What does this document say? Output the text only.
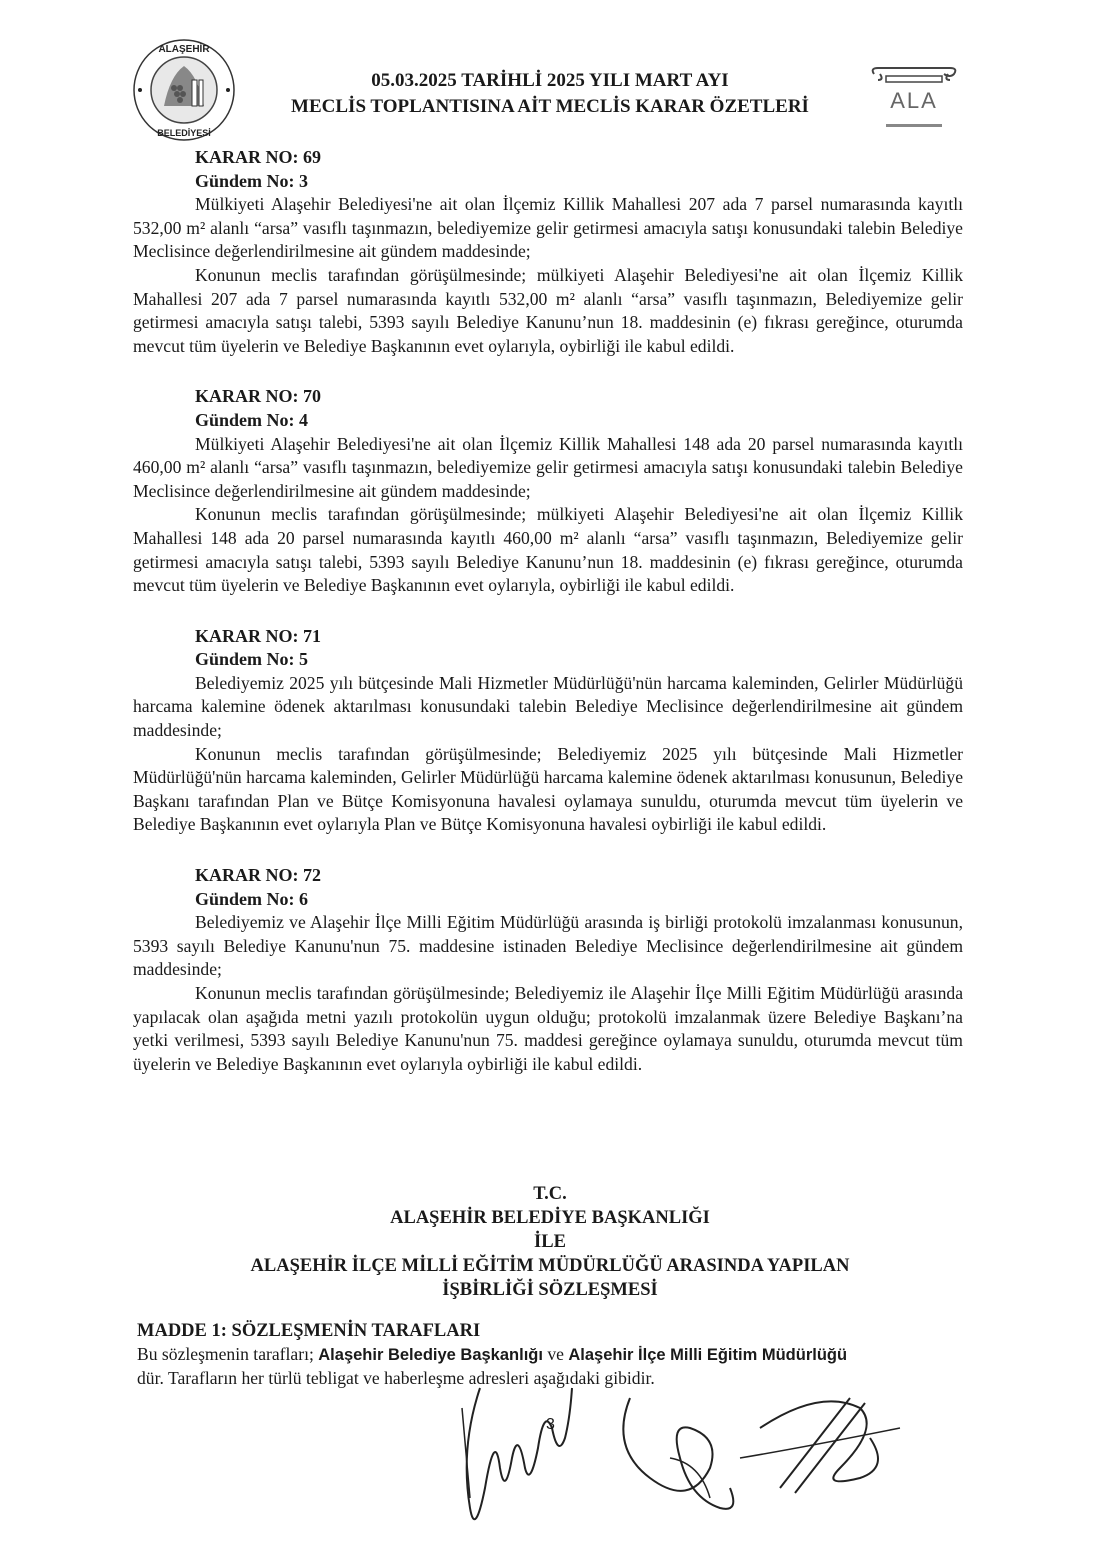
ALAŞEHİR
BELEDİYESİ
05.03.2025 TARİHLİ 2025 YILI MART AYI
MECLİS TOPLANTISINA AİT MECLİS KARAR ÖZETLERİ	ALA
KARAR NO: 69
Gündem No: 3

Mülkiyeti Alaşehir Belediyesi'ne ait olan İlçemiz Killik Mahallesi 207 ada 7 parsel numarasında kayıtlı 532,00 m² alanlı “arsa” vasıflı taşınmazın, belediyemize gelir getirmesi amacıyla satışı konusundaki talebin Belediye Meclisince değerlendirilmesine ait gündem maddesinde;

Konunun meclis tarafından görüşülmesinde; mülkiyeti Alaşehir Belediyesi'ne ait olan İlçemiz Killik Mahallesi 207 ada 7 parsel numarasında kayıtlı 532,00 m² alanlı “arsa” vasıflı taşınmazın, Belediyemize gelir getirmesi amacıyla satışı talebi, 5393 sayılı Belediye Kanunu’nun 18. maddesinin (e) fıkrası gereğince, oturumda mevcut tüm üyelerin ve Belediye Başkanının evet oylarıyla, oybirliği ile kabul edildi.

KARAR NO: 70
Gündem No: 4

Mülkiyeti Alaşehir Belediyesi'ne ait olan İlçemiz Killik Mahallesi 148 ada 20 parsel numarasında kayıtlı 460,00 m² alanlı “arsa” vasıflı taşınmazın, belediyemize gelir getirmesi amacıyla satışı konusundaki talebin Belediye Meclisince değerlendirilmesine ait gündem maddesinde;

Konunun meclis tarafından görüşülmesinde; mülkiyeti Alaşehir Belediyesi'ne ait olan İlçemiz Killik Mahallesi 148 ada 20 parsel numarasında kayıtlı 460,00 m² alanlı “arsa” vasıflı taşınmazın, Belediyemize gelir getirmesi amacıyla satışı talebi, 5393 sayılı Belediye Kanunu’nun 18. maddesinin (e) fıkrası gereğince, oturumda mevcut tüm üyelerin ve Belediye Başkanının evet oylarıyla, oybirliği ile kabul edildi.

KARAR NO: 71
Gündem No: 5

Belediyemiz 2025 yılı bütçesinde Mali Hizmetler Müdürlüğü'nün harcama kaleminden, Gelirler Müdürlüğü harcama kalemine ödenek aktarılması konusundaki talebin Belediye Meclisince değerlendirilmesine ait gündem maddesinde;

Konunun meclis tarafından görüşülmesinde; Belediyemiz 2025 yılı bütçesinde Mali Hizmetler Müdürlüğü'nün harcama kaleminden, Gelirler Müdürlüğü harcama kalemine ödenek aktarılması konusunun, Belediye Başkanı tarafından Plan ve Bütçe Komisyonuna havalesi oylamaya sunuldu, oturumda mevcut tüm üyelerin ve Belediye Başkanının evet oylarıyla Plan ve Bütçe Komisyonuna havalesi oybirliği ile kabul edildi.

KARAR NO: 72
Gündem No: 6

Belediyemiz ve Alaşehir İlçe Milli Eğitim Müdürlüğü arasında iş birliği protokolü imzalanması konusunun, 5393 sayılı Belediye Kanunu'nun 75. maddesine istinaden Belediye Meclisince değerlendirilmesine ait gündem maddesinde;

Konunun meclis tarafından görüşülmesinde; Belediyemiz ile Alaşehir İlçe Milli Eğitim Müdürlüğü arasında yapılacak olan aşağıda metni yazılı protokolün uygun olduğu; protokolü imzalanmak üzere Belediye Başkanı’na yetki verilmesi, 5393 sayılı Belediye Kanunu'nun 75. maddesi gereğince oylamaya sunuldu, oturumda mevcut tüm üyelerin ve Belediye Başkanının evet oylarıyla oybirliği ile kabul edildi.

T.C.
ALAŞEHİR BELEDİYE BAŞKANLIĞI
İLE
ALAŞEHİR İLÇE MİLLİ EĞİTİM MÜDÜRLÜĞÜ ARASINDA YAPILAN
İŞBİRLİĞİ SÖZLEŞMESİ

MADDE 1: SÖZLEŞMENİN TARAFLARI

Bu sözleşmenin tarafları; Alaşehir Belediye Başkanlığı ve Alaşehir İlçe Milli Eğitim Müdürlüğü
dür. Tarafların her türlü tebligat ve haberleşme adresleri aşağıdaki gibidir.

3
